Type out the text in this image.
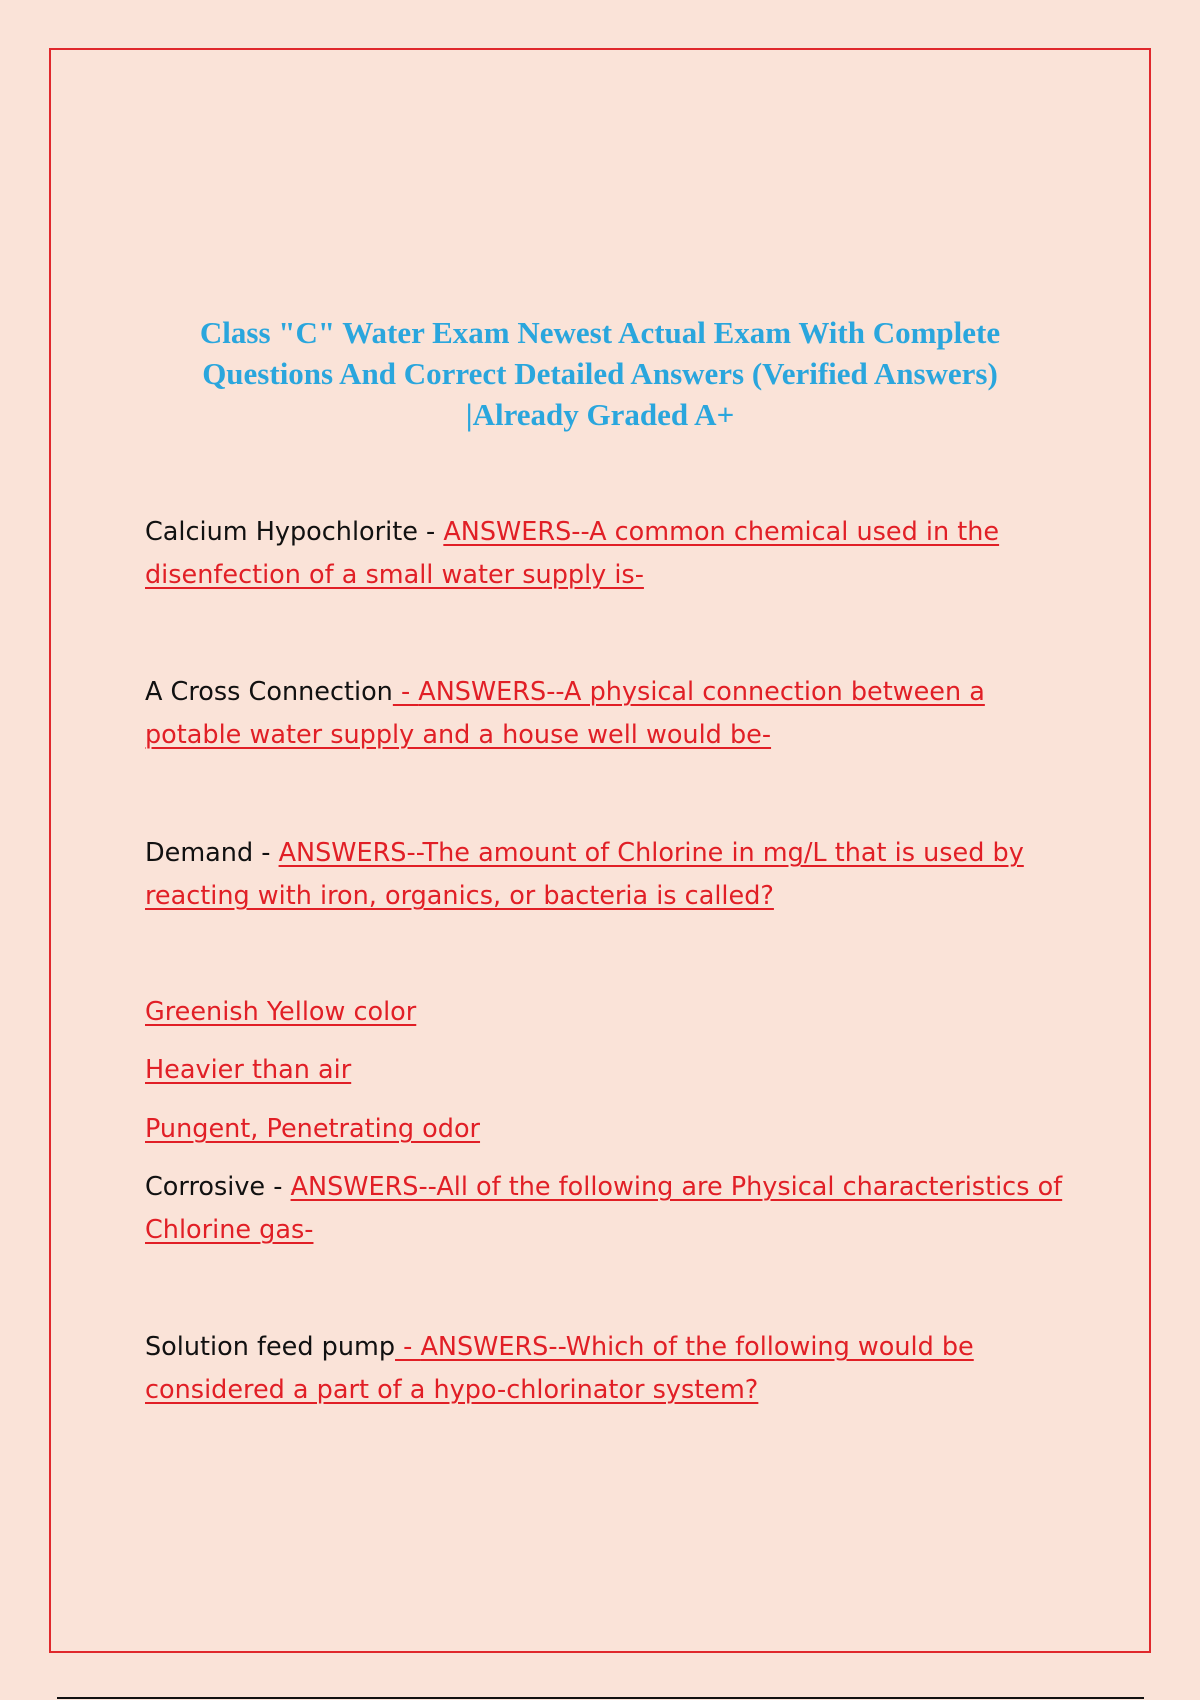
Class "C" Water Exam Newest Actual Exam With Complete
Questions And Correct Detailed Answers (Verified Answers)
|Already Graded A+
Calcium Hypochlorite - ANSWERS--A common chemical used in the disenfection of a small water supply is-
A Cross Connection - ANSWERS--A physical connection between a potable water supply and a house well would be-
Demand - ANSWERS--The amount of Chlorine in mg/L that is used by reacting with iron, organics, or bacteria is called?
Greenish Yellow color
Heavier than air
Pungent, Penetrating odor
Corrosive - ANSWERS--All of the following are Physical characteristics of Chlorine gas-
Solution feed pump - ANSWERS--Which of the following would be considered a part of a hypo-chlorinator system?
